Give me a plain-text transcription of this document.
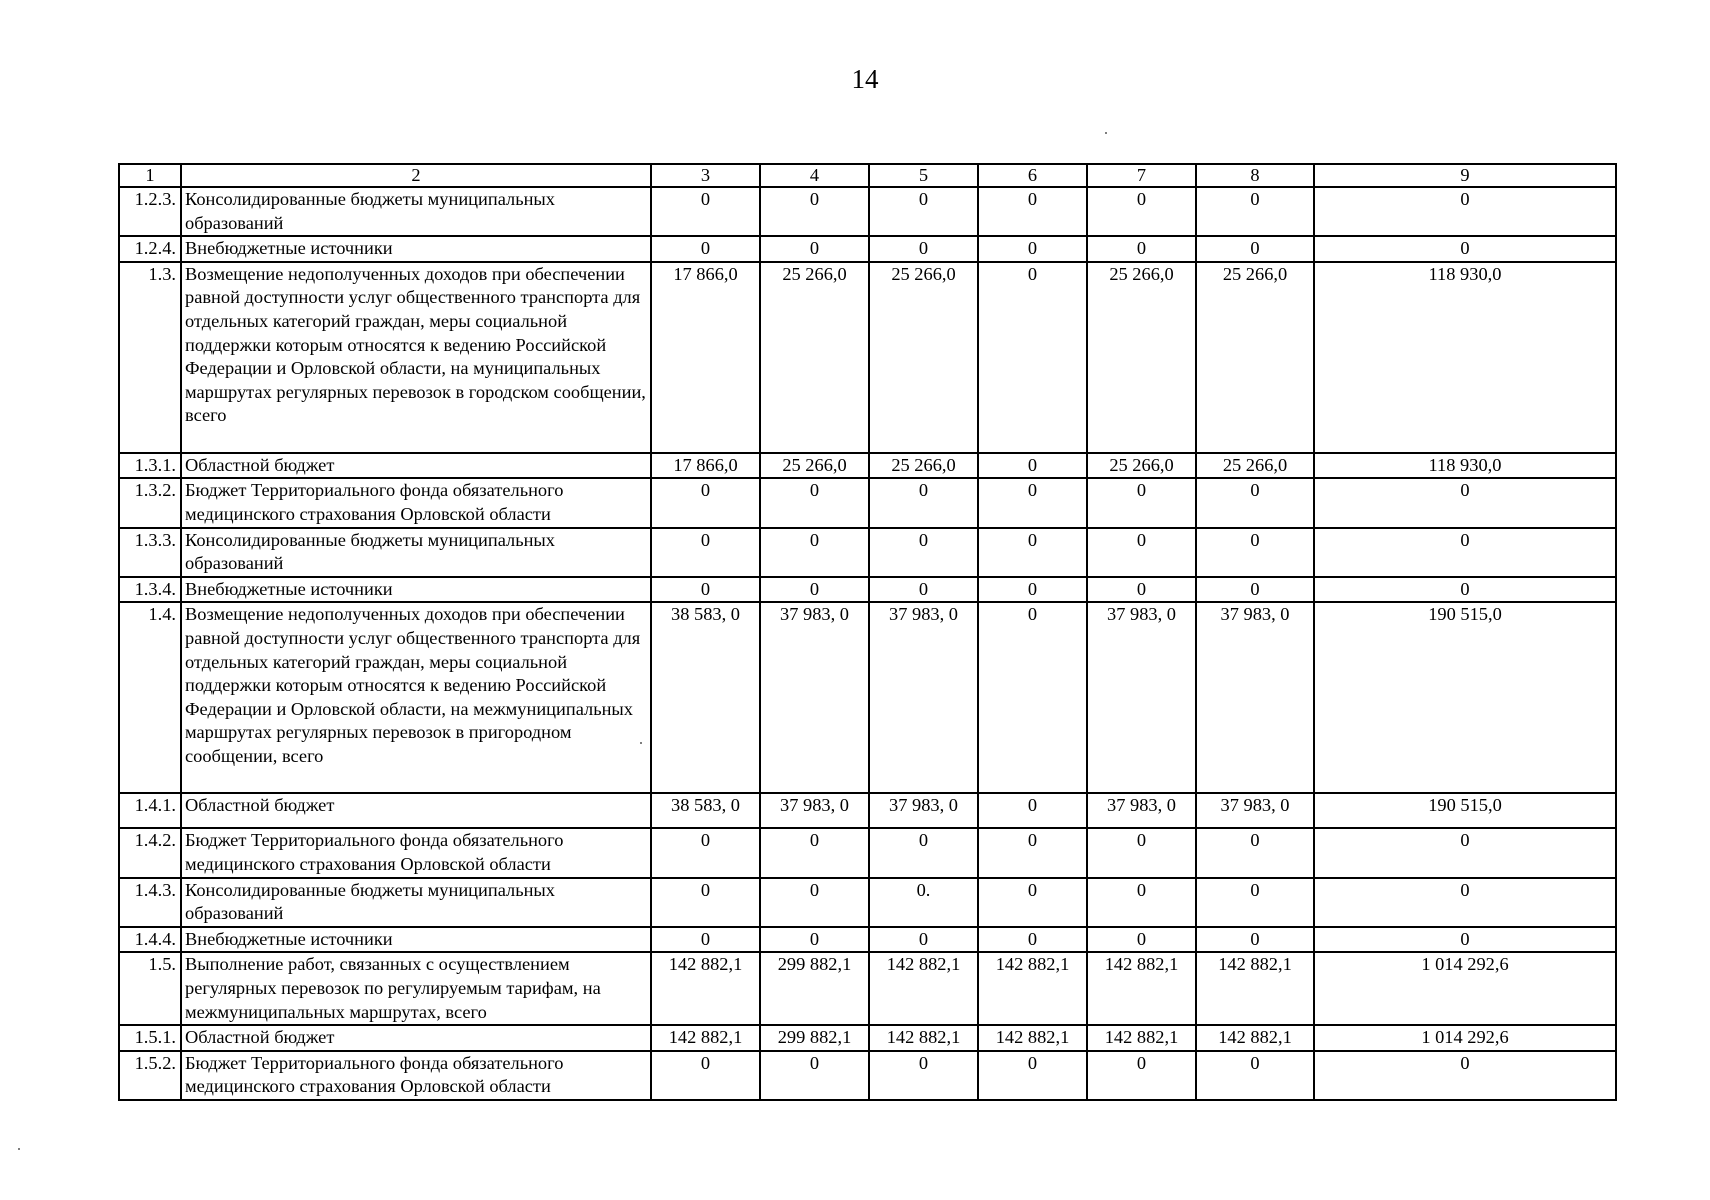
14
1	2	3	4	5	6	7	8	9
1.2.3.	Консолидированные бюджеты муниципальных образований	0	0	0	0	0	0	0
1.2.4.	Внебюджетные источники	0	0	0	0	0	0	0
1.3.	Возмещение недополученных доходов при обеспечении равной доступности услуг общественного транспорта для отдельных категорий граждан, меры социальной поддержки которым относятся к ведению Российской Федерации и Орловской области, на муниципальных маршрутах регулярных перевозок в городском сообщении, всего	17 866,0	25 266,0	25 266,0	0	25 266,0	25 266,0	118 930,0
1.3.1.	Областной бюджет	17 866,0	25 266,0	25 266,0	0	25 266,0	25 266,0	118 930,0
1.3.2.	Бюджет Территориального фонда обязательного медицинского страхования Орловской области	0	0	0	0	0	0	0
1.3.3.	Консолидированные бюджеты муниципальных образований	0	0	0	0	0	0	0
1.3.4.	Внебюджетные источники	0	0	0	0	0	0	0
1.4.	Возмещение недополученных доходов при обеспечении равной доступности услуг общественного транспорта для отдельных категорий граждан, меры социальной поддержки которым относятся к ведению Российской Федерации и Орловской области, на межмуниципальных маршрутах регулярных перевозок в пригородном сообщении, всего	38 583, 0	37 983, 0	37 983, 0	0	37 983, 0	37 983, 0	190 515,0
1.4.1.	Областной бюджет	38 583, 0	37 983, 0	37 983, 0	0	37 983, 0	37 983, 0	190 515,0
1.4.2.	Бюджет Территориального фонда обязательного медицинского страхования Орловской области	0	0	0	0	0	0	0
1.4.3.	Консолидированные бюджеты муниципальных образований	0	0	0.	0	0	0	0
1.4.4.	Внебюджетные источники	0	0	0	0	0	0	0
1.5.	Выполнение работ, связанных с осуществлением регулярных перевозок по регулируемым тарифам, на межмуниципальных маршрутах, всего	142 882,1	299 882,1	142 882,1	142 882,1	142 882,1	142 882,1	1 014 292,6
1.5.1.	Областной бюджет	142 882,1	299 882,1	142 882,1	142 882,1	142 882,1	142 882,1	1 014 292,6
1.5.2.	Бюджет Территориального фонда обязательного медицинского страхования Орловской области	0	0	0	0	0	0	0
